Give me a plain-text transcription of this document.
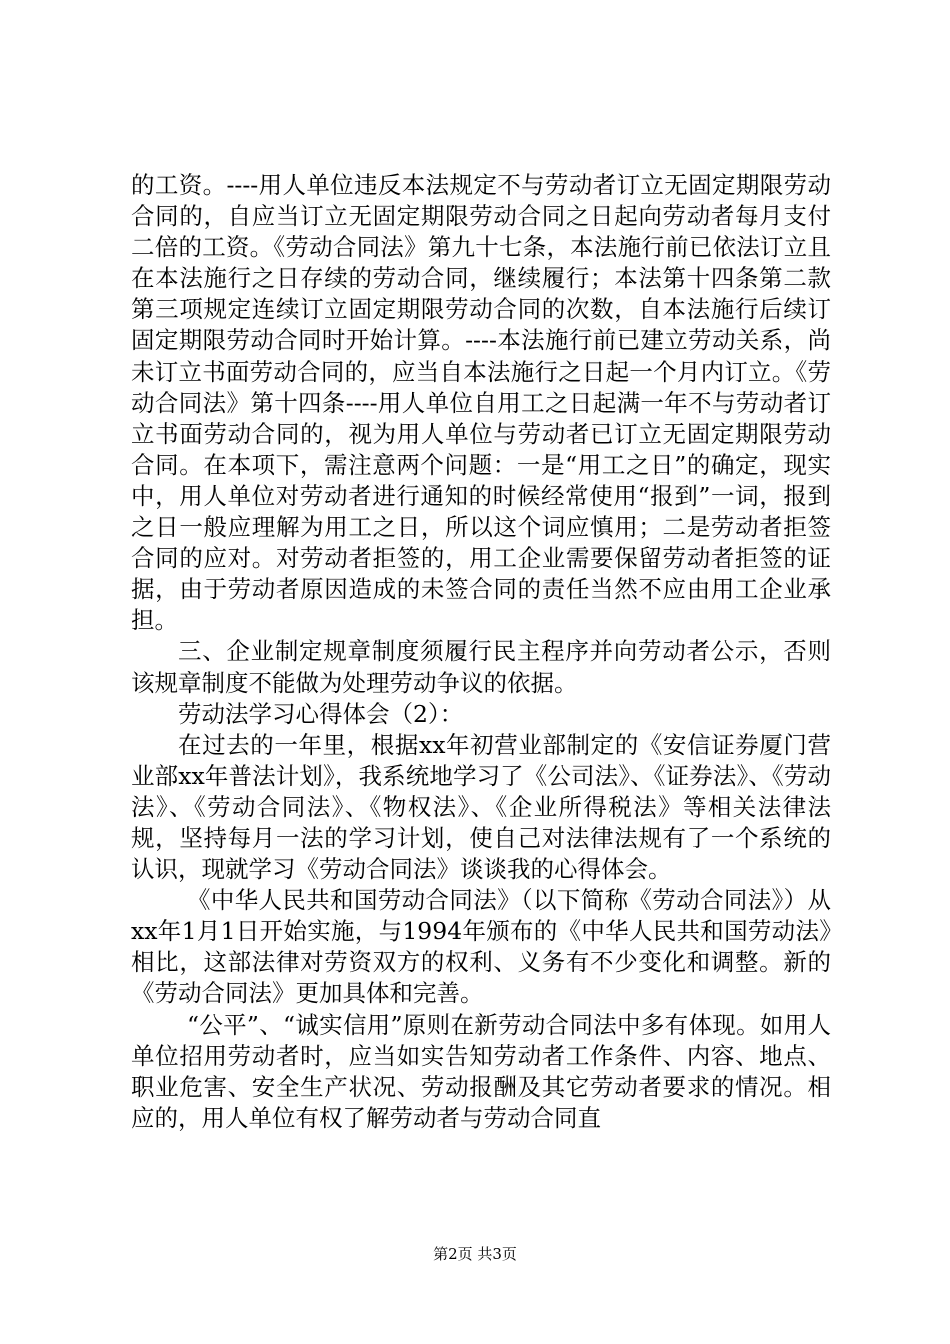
的工资。----用人单位违反本法规定不与劳动者订立无固定期限劳动合同的，自应当订立无固定期限劳动合同之日起向劳动者每月支付二倍的工资。《劳动合同法》第九十七条，本法施行前已依法订立且在本法施行之日存续的劳动合同，继续履行；本法第十四条第二款第三项规定连续订立固定期限劳动合同的次数，自本法施行后续订固定期限劳动合同时开始计算。----本法施行前已建立劳动关系，尚未订立书面劳动合同的，应当自本法施行之日起一个月内订立。《劳动合同法》第十四条----用人单位自用工之日起满一年不与劳动者订立书面劳动合同的，视为用人单位与劳动者已订立无固定期限劳动合同。在本项下，需注意两个问题：一是“用工之日”的确定，现实中，用人单位对劳动者进行通知的时候经常使用“报到”一词，报到之日一般应理解为用工之日，所以这个词应慎用；二是劳动者拒签合同的应对。对劳动者拒签的，用工企业需要保留劳动者拒签的证据，由于劳动者原因造成的未签合同的责任当然不应由用工企业承担。

三、企业制定规章制度须履行民主程序并向劳动者公示，否则该规章制度不能做为处理劳动争议的依据。

劳动法学习心得体会（2）：

在过去的一年里，根据xx年初营业部制定的《安信证券厦门营业部xx年普法计划》，我系统地学习了《公司法》、《证券法》、《劳动法》、《劳动合同法》、《物权法》、《企业所得税法》等相关法律法规，坚持每月一法的学习计划，使自己对法律法规有了一个系统的认识，现就学习《劳动合同法》谈谈我的心得体会。

《中华人民共和国劳动合同法》（以下简称《劳动合同法》）从xx年1月1日开始实施，与1994年颁布的《中华人民共和国劳动法》相比，这部法律对劳资双方的权利、义务有不少变化和调整。新的《劳动合同法》更加具体和完善。

“公平”、“诚实信用”原则在新劳动合同法中多有体现。如用人单位招用劳动者时，应当如实告知劳动者工作条件、内容、地点、职业危害、安全生产状况、劳动报酬及其它劳动者要求的情况。相应的，用人单位有权了解劳动者与劳动合同直

第2页 共3页
